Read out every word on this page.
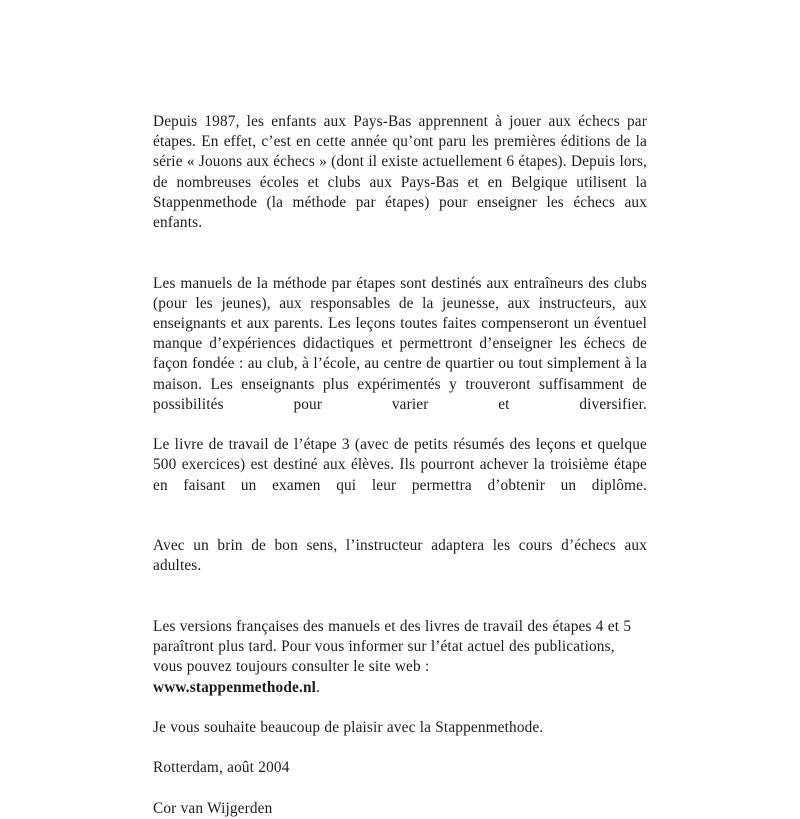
Depuis 1987, les enfants aux Pays-Bas apprennent à jouer aux échecs par étapes. En effet, c’est en cette année qu’ont paru les premières éditions de la série « Jouons aux échecs » (dont il existe actuellement 6 étapes). Depuis lors, de nombreuses écoles et clubs aux Pays-Bas et en Belgique utilisent la Stappenmethode (la méthode par étapes) pour enseigner les échecs aux enfants.

Les manuels de la méthode par étapes sont destinés aux entraîneurs des clubs (pour les jeunes), aux responsables de la jeunesse, aux instructeurs, aux enseignants et aux parents. Les leçons toutes faites compenseront un éventuel manque d’expériences didactiques et permettront d’enseigner les échecs de façon fondée : au club, à l’école, au centre de quartier ou tout simplement à la maison. Les enseignants plus expérimentés y trouveront suffisamment de possibilités pour varier et diversifier.

Le livre de travail de l’étape 3 (avec de petits résumés des leçons et quelque 500 exercices) est destiné aux élèves. Ils pourront achever la troisième étape en faisant un examen qui leur permettra d’obtenir un diplôme.

Avec un brin de bon sens, l’instructeur adaptera les cours d’échecs aux adultes.

Les versions françaises des manuels et des livres de travail des étapes 4 et 5 paraîtront plus tard. Pour vous informer sur l’état actuel des publications, vous pouvez toujours consulter le site web :

www.stappenmethode.nl.

Je vous souhaite beaucoup de plaisir avec la Stappenmethode.

Rotterdam, août 2004

Cor van Wijgerden
